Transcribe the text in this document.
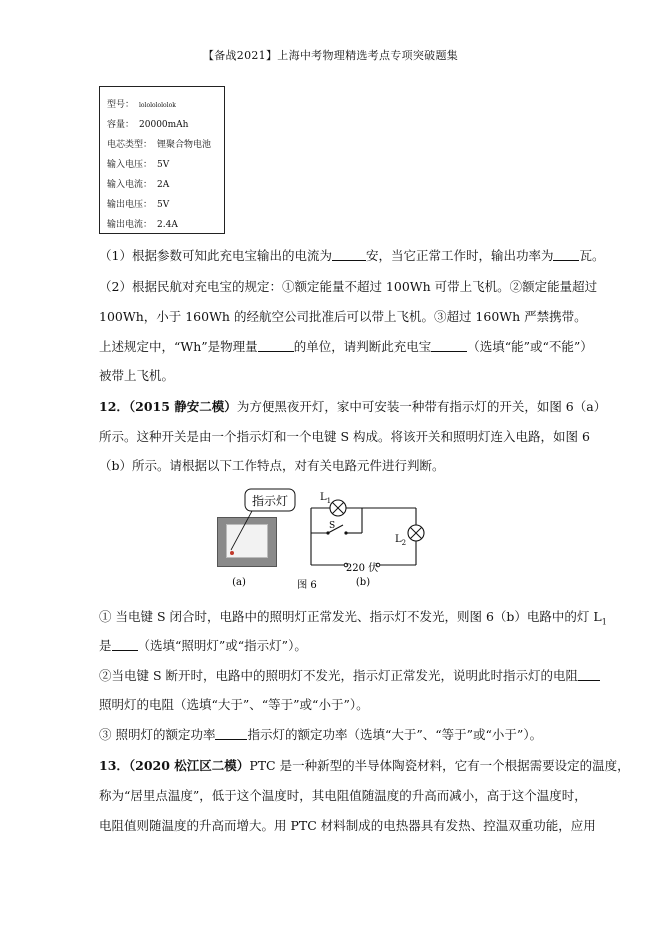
【备战2021】上海中考物理精选考点专项突破题集
型号： lolololololok
容量： 20000mAh
电芯类型： 锂聚合物电池
输入电压： 5V
输入电流： 2A
输出电压： 5V
输出电流： 2.4A
（1）根据参数可知此充电宝输出的电流为	安，当它正常工作时，输出功率为 瓦。
（2）根据民航对充电宝的规定：①额定能量不超过 100Wh 可带上飞机。②额定能量超过
100Wh，小于 160Wh 的经航空公司批准后可以带上飞机。③超过 160Wh 严禁携带。
上述规定中，“Wh”是物理量	的单位，请判断此充电宝	（选填“能”或“不能”）
被带上飞机。
12．（2015 静安二模）为方便黑夜开灯，家中可安装一种带有指示灯的开关，如图 6（a）
所示。这种开关是由一个指示灯和一个电键 S 构成。将该开关和照明灯连入电路，如图 6
（b）所示。请根据以下工作特点，对有关电路元件进行判断。
指示灯	$L_1$
S
$L_2$
220 伏
(a)	图 6	(b)
① 当电键 S 闭合时，电路中的照明灯正常发光、指示灯不发光，则图 6（b）电路中的灯 $L_1$
是 （选填“照明灯”或“指示灯”）。
②当电键 S 断开时，电路中的照明灯不发光，指示灯正常发光，说明此时指示灯的电阻
照明灯的电阻（选填“大于”、“等于”或“小于”）。
③ 照明灯的额定功率	指示灯的额定功率（选填“大于”、“等于”或“小于”）。
13．（2020 松江区二模）PTC 是一种新型的半导体陶瓷材料，它有一个根据需要设定的温度，
称为“居里点温度”，低于这个温度时，其电阻值随温度的升高而减小，高于这个温度时，
电阻值则随温度的升高而增大。用 PTC 材料制成的电热器具有发热、控温双重功能，应用
